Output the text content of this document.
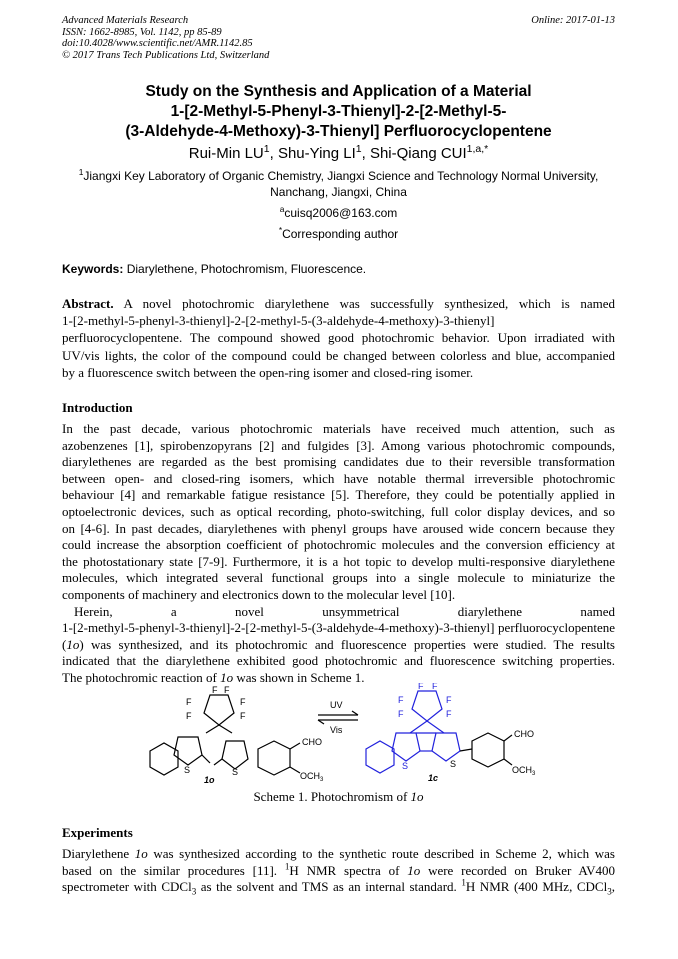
Advanced Materials Research
ISSN: 1662-8985, Vol. 1142, pp 85-89
doi:10.4028/www.scientific.net/AMR.1142.85
© 2017 Trans Tech Publications Ltd, Switzerland
Online: 2017-01-13
Study on the Synthesis and Application of a Material
1-[2-Methyl-5-Phenyl-3-Thienyl]-2-[2-Methyl-5-
(3-Aldehyde-4-Methoxy)-3-Thienyl] Perfluorocyclopentene
Rui-Min $LU^1$, Shu-Ying $LI^1$, Shi-Qiang $CUI^{1,a,*}$
$^1$Jiangxi Key Laboratory of Organic Chemistry, Jiangxi Science and Technology Normal University,
Nanchang, Jiangxi, China
$^a$cuisq2006@163.com
*Corresponding author
Keywords: Diarylethene, Photochromism, Fluorescence.

Abstract. A novel photochromic diarylethene was successfully synthesized, which is named

1-[2-methyl-5-phenyl-3-thienyl]-2-[2-methyl-5-(3-aldehyde-4-methoxy)-3-thienyl]

perfluorocyclopentene. The compound showed good photochromic behavior. Upon irradiated with

UV/vis lights, the color of the compound could be changed between colorless and blue, accompanied

by a fluorescence switch between the open-ring isomer and closed-ring isomer.

Introduction

In the past decade, various photochromic materials have received much attention, such as

azobenzenes [1], spirobenzopyrans [2] and fulgides [3]. Among various photochromic compounds,

diarylethenes are regarded as the best promising candidates due to their reversible transformation

between open- and closed-ring isomers, which have notable thermal irreversible photochromic

behaviour [4] and remarkable fatigue resistance [5]. Therefore, they could be potentially applied in

optoelectronic devices, such as optical recording, photo-switching, full color display devices, and so

on [4-6]. In past decades, diarylethenes with phenyl groups have aroused wide concern because they

could increase the absorption coefficient of photochromic molecules and the conversion efficiency at

the photostationary state [7-9]. Furthermore, it is a hot topic to develop multi-responsive diarylethene

molecules, which integrated several functional groups into a single molecule to miniaturize the

components of machinery and electronics down to the molecular level [10].

Herein, a novel unsymmetrical diarylethene named

1-[2-methyl-5-phenyl-3-thienyl]-2-[2-methyl-5-(3-aldehyde-4-methoxy)-3-thienyl] perfluorocyclopentene

(1o) was synthesized, and its photochromic and fluorescence properties were studied. The results

indicated that the diarylethene exhibited good photochromic and fluorescence switching properties.

The photochromic reaction of 1o was shown in Scheme 1.

F F
F
F
F
F
S	S
CHO
$OCH_3$
1o
UV
Vis
F F
F	F
F	F
S	S
CHO
$OCH_3$
1c
Scheme 1. Photochromism of 1o
Experiments

Diarylethene 1o was synthesized according to the synthetic route described in Scheme 2, which was

based on the similar procedures [11]. $^1$H NMR spectra of 1o were recorded on Bruker AV400

spectrometer with CDCl$_3$ as the solvent and TMS as an internal standard. $^1$H NMR (400 MHz, CDCl$_3$,
